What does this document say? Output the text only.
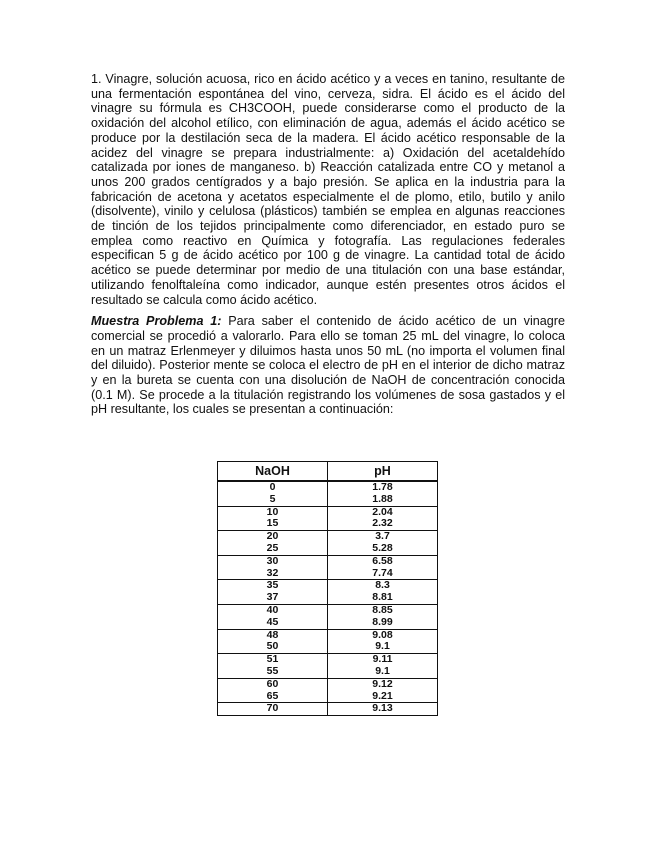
1. Vinagre, solución acuosa, rico en ácido acético y a veces en tanino, resultante de una fermentación espontánea del vino, cerveza, sidra. El ácido es el ácido del vinagre su fórmula es CH3COOH, puede considerarse como el producto de la oxidación del alcohol etílico, con eliminación de agua, además el ácido acético se produce por la destilación seca de la madera. El ácido acético responsable de la acidez del vinagre se prepara industrialmente: a) Oxidación del acetaldehído catalizada por iones de manganeso. b) Reacción catalizada entre CO y metanol a unos 200 grados centígrados y a bajo presión. Se aplica en la industria para la fabricación de acetona y acetatos especialmente el de plomo, etilo, butilo y anilo (disolvente), vinilo y celulosa (plásticos) también se emplea en algunas reacciones de tinción de los tejidos principalmente como diferenciador, en estado puro se emplea como reactivo en Química y fotografía. Las regulaciones federales especifican 5 g de ácido acético por 100 g de vinagre. La cantidad total de ácido acético se puede determinar por medio de una titulación con una base estándar, utilizando fenolftaleína como indicador, aunque estén presentes otros ácidos el resultado se calcula como ácido acético.

Muestra Problema 1: Para saber el contenido de ácido acético de un vinagre comercial se procedió a valorarlo. Para ello se toman 25 mL del vinagre, lo coloca en un matraz Erlenmeyer y diluimos hasta unos 50 mL (no importa el volumen final del diluido). Posterior mente se coloca el electro de pH en el interior de dicho matraz y en la bureta se cuenta con una disolución de NaOH de concentración conocida (0.1 M). Se procede a la titulación registrando los volúmenes de sosa gastados y el pH resultante, los cuales se presentan a continuación:

NaOH	pH
0	1.78
5	1.88
10	2.04
15	2.32
20	3.7
25	5.28
30	6.58
32	7.74
35	8.3
37	8.81
40	8.85
45	8.99
48	9.08
50	9.1
51	9.11
55	9.1
60	9.12
65	9.21
70	9.13
